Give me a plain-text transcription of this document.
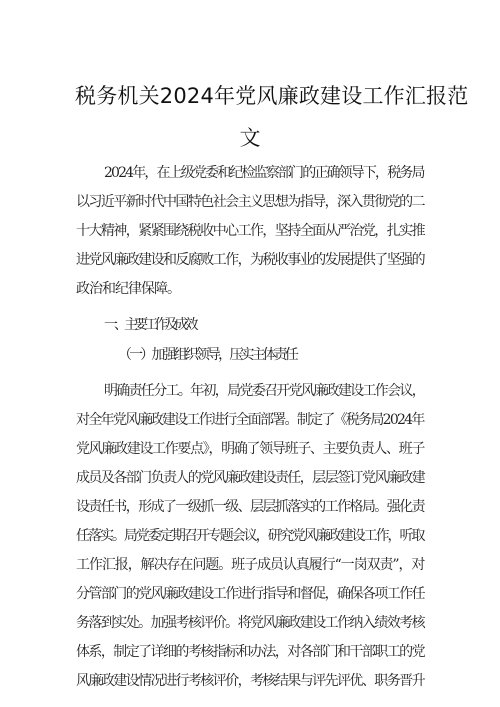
税务机关2024年党风廉政建设工作汇报范
文
2024年，在上级党委和纪检监察部门的正确领导下，税务局
以习近平新时代中国特色社会主义思想为指导，深入贯彻党的二
十大精神，紧紧围绕税收中心工作，坚持全面从严治党，扎实推
进党风廉政建设和反腐败工作，为税收事业的发展提供了坚强的
政治和纪律保障。
一、主要工作及成效
（一）加强组织领导，压实主体责任
明确责任分工。年初，局党委召开党风廉政建设工作会议，
对全年党风廉政建设工作进行全面部署。制定了《税务局2024年
党风廉政建设工作要点》，明确了领导班子、主要负责人、班子
成员及各部门负责人的党风廉政建设责任，层层签订党风廉政建
设责任书，形成了一级抓一级、层层抓落实的工作格局。强化责
任落实。局党委定期召开专题会议，研究党风廉政建设工作，听取
工作汇报，解决存在问题。班子成员认真履行“一岗双责”，对
分管部门的党风廉政建设工作进行指导和督促，确保各项工作任
务落到实处。加强考核评价。将党风廉政建设工作纳入绩效考核
体系，制定了详细的考核指标和办法，对各部门和干部职工的党
风廉政建设情况进行考核评价，考核结果与评先评优、职务晋升
